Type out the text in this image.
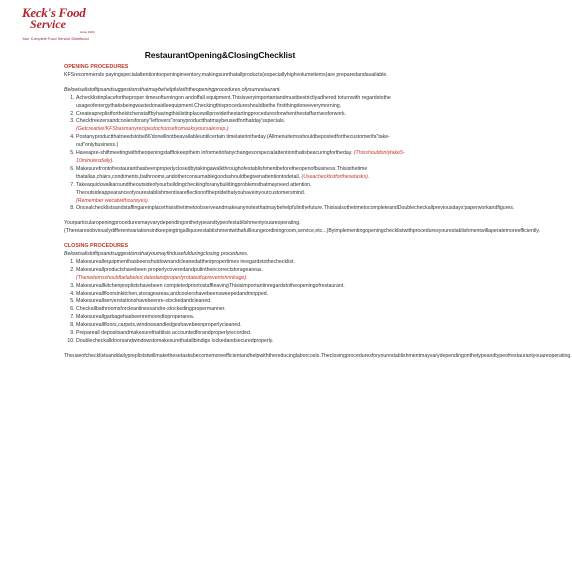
Keck's Food
Service
since 1994
Your Complete Food Service Distributor
RestaurantOpening&ClosingChecklist
OPENING PROCEDURES
KFSrecommends payingspecialattentiontoopeninginventory,makingsurethatallproducts(especiallyhighvolumeitems)are preparedandavailable.
Belowisalistoftipsandsuggestionsthatmaybehelpfulwiththeopeningprocedures ofyourrestaurant.
1. Achecklistinplacefortheproper timesofturningon andoffall equipment.Thisisveryimportantandmustbestrictlyadhered toturnwith regardstothe usageofenergythatisbeingwastedonaidleequipment.Checkingthisprocedureshouldbethe firstthingdoneeverymorning.
2. Createapreplistforthekitchenstaffbyhavingthislistinplacewillprovidethestartingproceduresforwhenthestaffarrivesforwork.
3. Checkfreezersandcoolersforany"leftovers"oranyproductthatmaybeusedforthatday'sspecials.
(Getcreative!KFShasmanyrecipestochoosefromasksyoursalesrep.)
4. Postanyproductthatneedstobe86'dorwillnotbeavailableuntilcertain timelaterintheday.(Allmenuitemsshouldbepostedforthecustomerifa"take-out"onlybusiness.)
5. Haveapre-shiftmeetingwiththeopeningstafftokeepthem informedofanychangesorspecialattentionthatisbeacuringfortheday. (Thisshouldonlytake5-10minutesdaily).
6. Makesurefrontofrestauranthasbeenproperlyclosedbytakingawalkthroughofestablishmentbeforetheopenofbusiness.Thisisthetime thatallas,chairs,condiments,bathrooms,andotherconsumablegoodsshouldbegivenattentiontodetail. (Useachecklistforthesetasks).
7. Takeaquickwalkaroundtheoutsideofyourbuildingcheckingforanybuildingproblemsthatmayneed attention. Theoutsideappearanceofyourestablishmentisareflectionofthepridethatyouhaveinyourcustomersmind.
(Remember wecatwithoureyes).
8. Oncealchecklistsandstaffingareinplacethisisthetimetoobserveandmakeanynotesthatmaybehelpfulinthefuture.ThisisalsothetimetocompleteandDoublecheckallpreviousdays'paperworkandfigures.
Yourparticularopeningproceduresmayvarydependingonthetypeandtypeofestablishmentyouareoperating.(Therearesobviouslydifferentvariationsintkeepingtrigalliquorestablishmentwithafullloungeordiningroom,service,etc...)Byimplementingopeningchecklistwithproceduresyourestablishmentwillaperatemoreefficiently.
CLOSING PROCEDURES
Belowisalistoftipsandsuggestionsthatyoumayfindusefulduringclosing procedures.
1. Makesureallequipmenthasbeenshutdownandcleanedattheirpropertimes inregardstothechecklist.
2. Makesureallproductshavebeen properlycoveredandputintheircorrectstorageareas.
(Theseitemsshouldbelabeled,datedandproperlyrotatedtopreventshrinkage).
3. Makesureallkitchenpreplistshavebeen completedpriortostaffleavingThisisimportantinregardstotheopeningofrestaurant.
4. Makesureallfloorsinkitchen,storageareas,andcoolershavebeensweepedandmopped.
5. Makesureallserverstationshavebeenre-stockedandcleaned.
6. Checkallbathroomsforcleanlinessandre-stockedingpropermanner.
7. Makesureallgarbagehasbeenremovedtoproperarea.
8. Makesureallfloors,carpets,windowsandledgeshavebeenproperlycleaned.
9. Prepareall depositsandmakesurethattilsis accountedforandproperlyrecorded.
10. Doublecheckalldoorsandwindowstomakesurethatallbindigs lockedandsecuredproperly.
Theuseofchecklistsanddailyprepliststwillmakethesetasksbecomemoreefficientandhelpwiththereducinglaborcosts.Theclosingproceduresforyourestablishmentmayvarydependingonthetypeandtypeofrestaurantyouareoperating.
